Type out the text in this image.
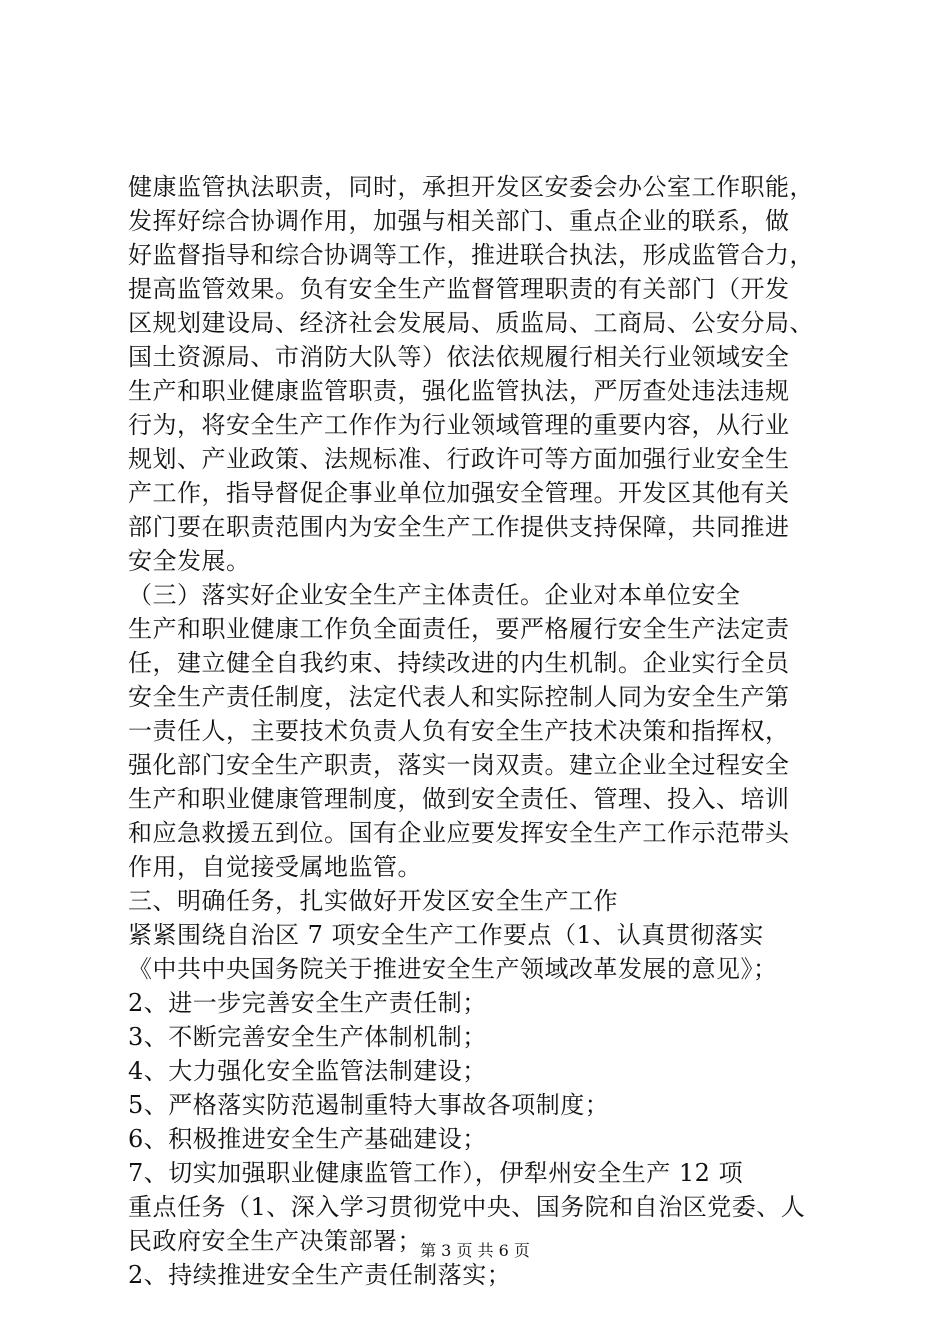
健康监管执法职责，同时，承担开发区安委会办公室工作职能，
发挥好综合协调作用，加强与相关部门、重点企业的联系，做
好监督指导和综合协调等工作，推进联合执法，形成监管合力，
提高监管效果。负有安全生产监督管理职责的有关部门（开发
区规划建设局、经济社会发展局、质监局、工商局、公安分局、
国土资源局、市消防大队等）依法依规履行相关行业领域安全
生产和职业健康监管职责，强化监管执法，严厉查处违法违规
行为，将安全生产工作作为行业领域管理的重要内容，从行业
规划、产业政策、法规标准、行政许可等方面加强行业安全生
产工作，指导督促企事业单位加强安全管理。开发区其他有关
部门要在职责范围内为安全生产工作提供支持保障，共同推进
安全发展。
（三）落实好企业安全生产主体责任。企业对本单位安全
生产和职业健康工作负全面责任，要严格履行安全生产法定责
任，建立健全自我约束、持续改进的内生机制。企业实行全员
安全生产责任制度，法定代表人和实际控制人同为安全生产第
一责任人，主要技术负责人负有安全生产技术决策和指挥权，
强化部门安全生产职责，落实一岗双责。建立企业全过程安全
生产和职业健康管理制度，做到安全责任、管理、投入、培训
和应急救援五到位。国有企业应要发挥安全生产工作示范带头
作用，自觉接受属地监管。
三、明确任务，扎实做好开发区安全生产工作
紧紧围绕自治区 7 项安全生产工作要点（1、认真贯彻落实
《中共中央国务院关于推进安全生产领域改革发展的意见》；
2、进一步完善安全生产责任制；
3、不断完善安全生产体制机制；
4、大力强化安全监管法制建设；
5、严格落实防范遏制重特大事故各项制度；
6、积极推进安全生产基础建设；
7、切实加强职业健康监管工作），伊犁州安全生产 12 项
重点任务（1、深入学习贯彻党中央、国务院和自治区党委、人
民政府安全生产决策部署；
2、持续推进安全生产责任制落实；
第 3 页 共 6 页
